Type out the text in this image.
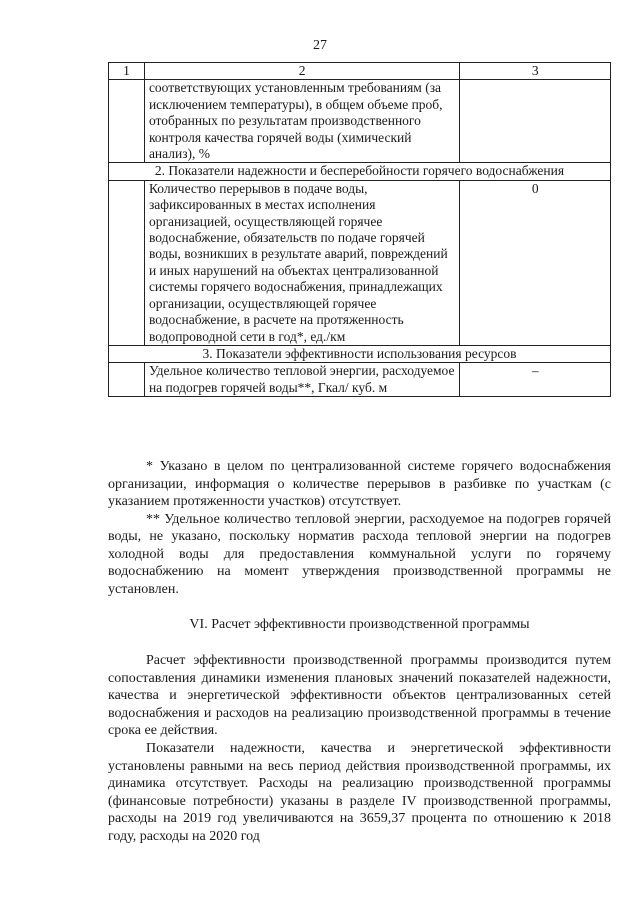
27
1	2	3
	соответствующих установленным требованиям (за исключением температуры), в общем объеме проб, отобранных по результатам производственного контроля качества горячей воды (химический анализ), %	
2. Показатели надежности и бесперебойности горячего водоснабжения		
	Количество перерывов в подаче воды, зафиксированных в местах исполнения организацией, осуществляющей горячее водоснабжение, обязательств по подаче горячей воды, возникших в результате аварий, повреждений и иных нарушений на объектах централизованной системы горячего водоснабжения, принадлежащих организации, осуществляющей горячее водоснабжение, в расчете на протяженность водопроводной сети в год*, ед./км	0
3. Показатели эффективности использования ресурсов		
	Удельное количество тепловой энергии, расходуемое на подогрев горячей воды**, Гкал/ куб. м	–

* Указано в целом по централизованной системе горячего водоснабжения организации, информация о количестве перерывов в разбивке по участкам (с указанием протяженности участков) отсутствует.

** Удельное количество тепловой энергии, расходуемое на подогрев горячей воды, не указано, поскольку норматив расхода тепловой энергии на подогрев холодной воды для предоставления коммунальной услуги по горячему водоснабжению на момент утверждения производственной программы не установлен.

VI. Расчет эффективности производственной программы

Расчет эффективности производственной программы производится путем сопоставления динамики изменения плановых значений показателей надежности, качества и энергетической эффективности объектов централизованных сетей водоснабжения и расходов на реализацию производственной программы в течение срока ее действия.

Показатели надежности, качества и энергетической эффективности установлены равными на весь период действия производственной программы, их динамика отсутствует. Расходы на реализацию производственной программы (финансовые потребности) указаны в разделе IV производственной программы, расходы на 2019 год увеличиваются на 3659,37 процента по отношению к 2018 году, расходы на 2020 год
